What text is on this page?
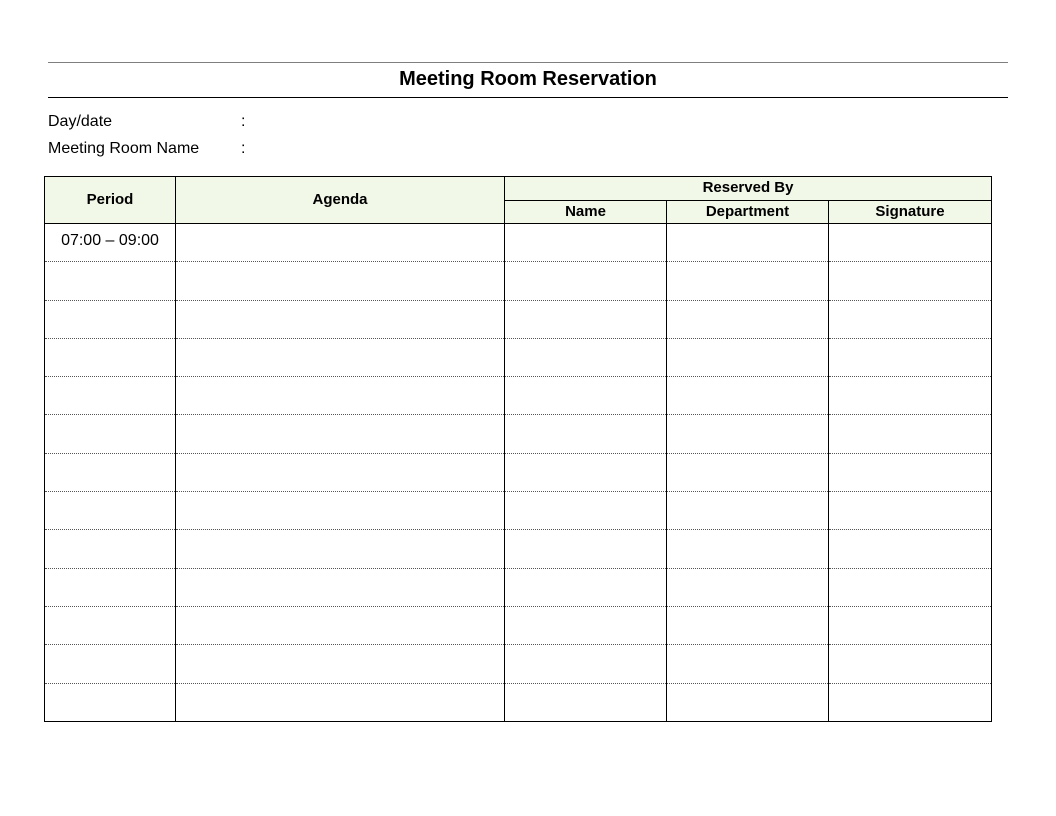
Meeting Room Reservation
Day/date	:
Meeting Room Name	:
Period	Agenda	Reserved By		
		Name	Department	Signature
07:00 – 09:00				
